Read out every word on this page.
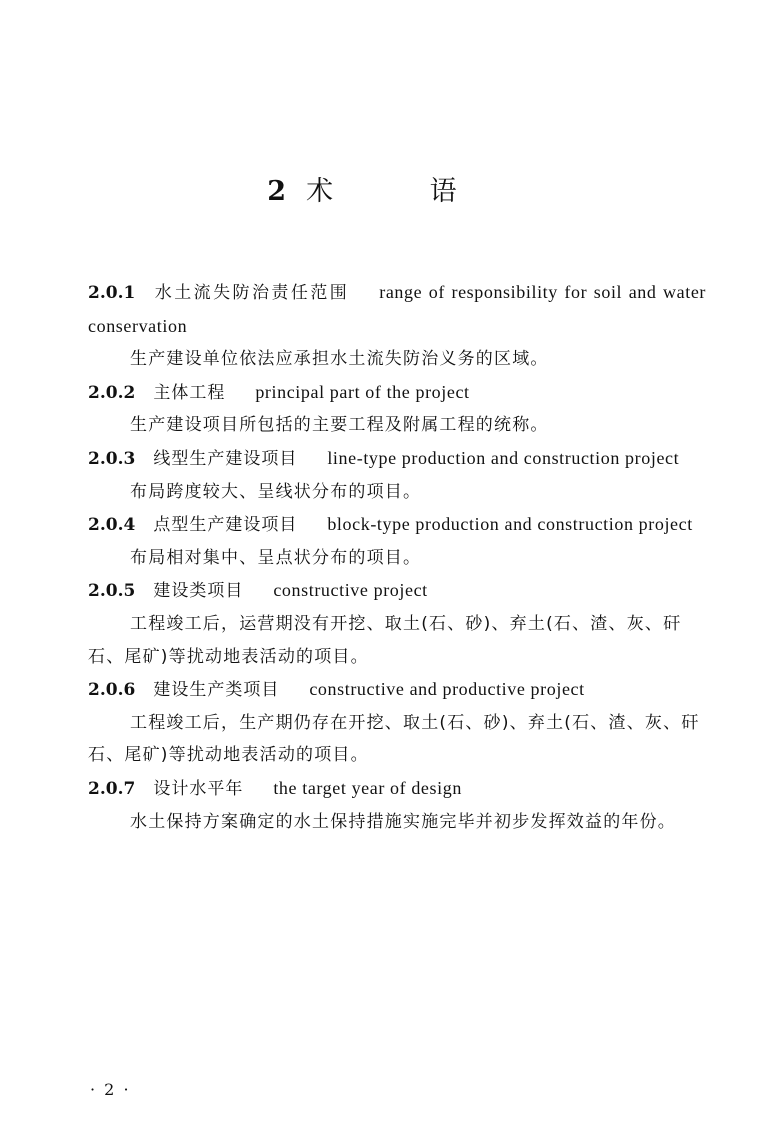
2 术 语
2.0.1 水土流失防治责任范围 range of responsibility for soil and water conservation
生产建设单位依法应承担水土流失防治义务的区域。
2.0.2 主体工程 principal part of the project
生产建设项目所包括的主要工程及附属工程的统称。
2.0.3 线型生产建设项目 line-type production and construction project
布局跨度较大、呈线状分布的项目。
2.0.4 点型生产建设项目 block-type production and construction project
布局相对集中、呈点状分布的项目。
2.0.5 建设类项目 constructive project
工程竣工后，运营期没有开挖、取土(石、砂)、弃土(石、渣、灰、矸石、尾矿)等扰动地表活动的项目。
2.0.6 建设生产类项目 constructive and productive project
工程竣工后，生产期仍存在开挖、取土(石、砂)、弃土(石、渣、灰、矸石、尾矿)等扰动地表活动的项目。
2.0.7 设计水平年 the target year of design
水土保持方案确定的水土保持措施实施完毕并初步发挥效益的年份。
· 2 ·
